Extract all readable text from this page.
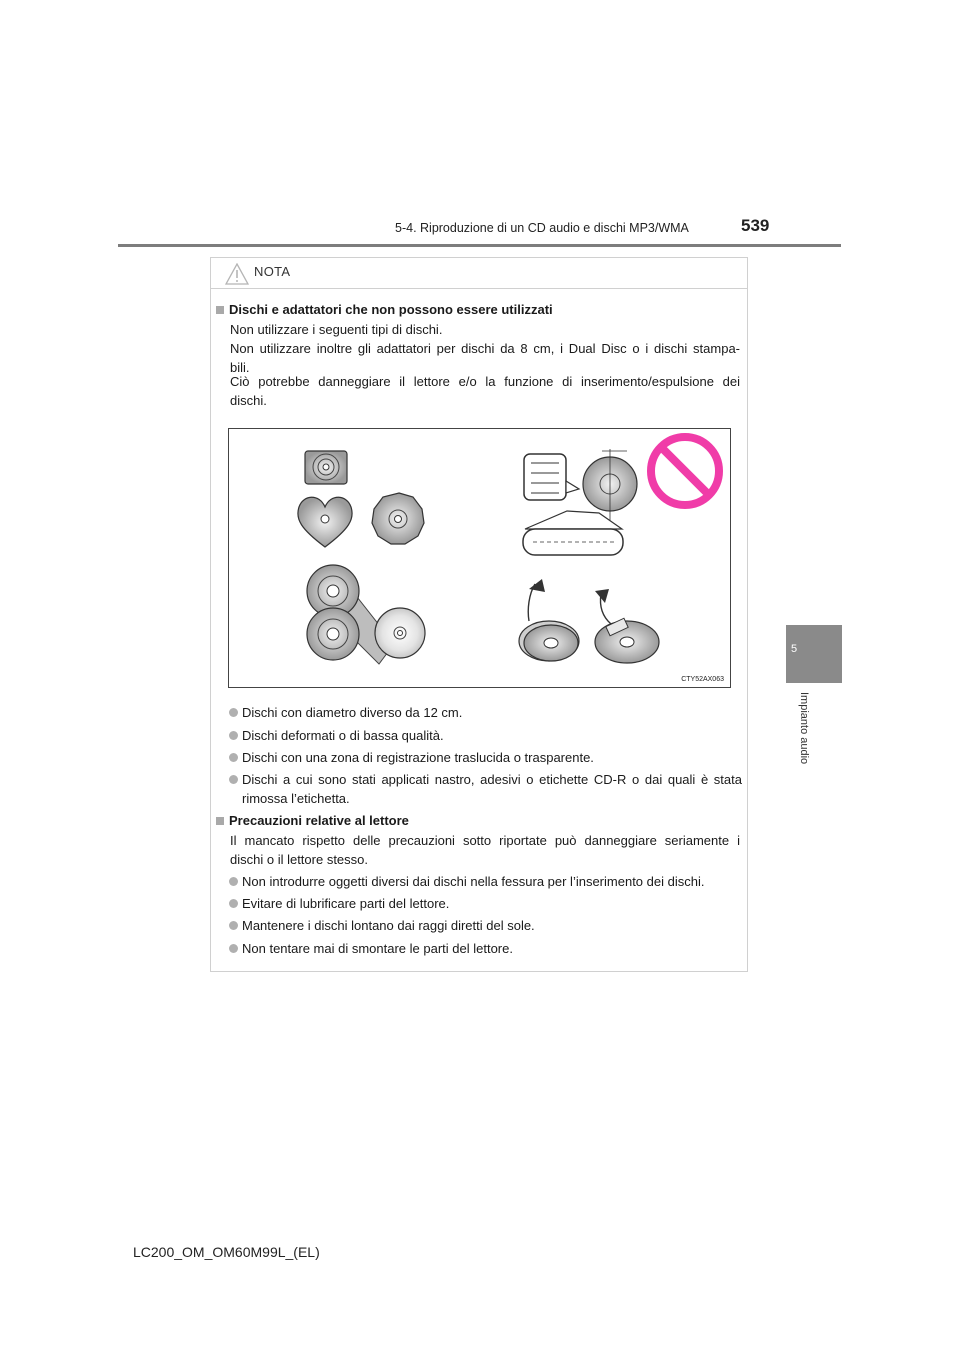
5-4. Riproduzione di un CD audio e dischi MP3/WMA	539
5
Impianto audio
NOTA
Dischi e adattatori che non possono essere utilizzati
Non utilizzare i seguenti tipi di dischi.
Non utilizzare inoltre gli adattatori per dischi da 8 cm, i Dual Disc o i dischi stampa-
bili.
Ciò potrebbe danneggiare il lettore e/o la funzione di inserimento/espulsione dei
dischi.
CTY52AX063
Dischi con diametro diverso da 12 cm.
Dischi deformati o di bassa qualità.
Dischi con una zona di registrazione traslucida o trasparente.
Dischi a cui sono stati applicati nastro, adesivi o etichette CD-R o dai quali è stata
rimossa l’etichetta.
Precauzioni relative al lettore
Il mancato rispetto delle precauzioni sotto riportate può danneggiare seriamente i
dischi o il lettore stesso.
Non introdurre oggetti diversi dai dischi nella fessura per l’inserimento dei dischi.
Evitare di lubrificare parti del lettore.
Mantenere i dischi lontano dai raggi diretti del sole.
Non tentare mai di smontare le parti del lettore.
LC200_OM_OM60M99L_(EL)
